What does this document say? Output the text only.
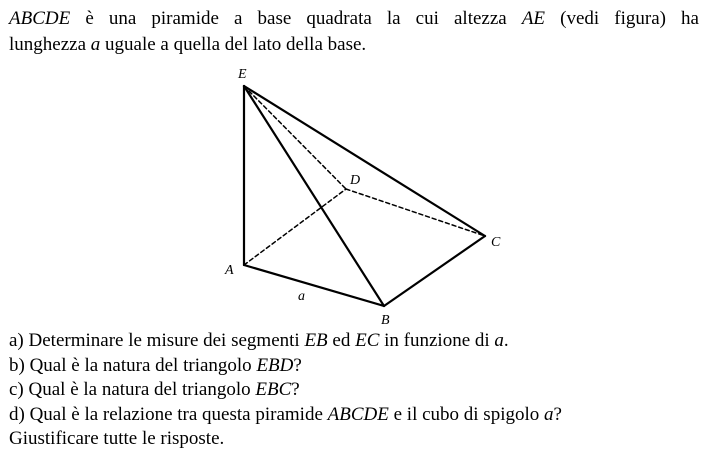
ABCDE è una piramide a base quadrata la cui altezza AE (vedi figura) ha
lunghezza a uguale a quella del lato della base.
E
D
C
A
B
a
a) Determinare le misure dei segmenti EB ed EC in funzione di a.
b) Qual è la natura del triangolo EBD?
c) Qual è la natura del triangolo EBC?
d) Qual è la relazione tra questa piramide ABCDE e il cubo di spigolo a?
Giustificare tutte le risposte.
